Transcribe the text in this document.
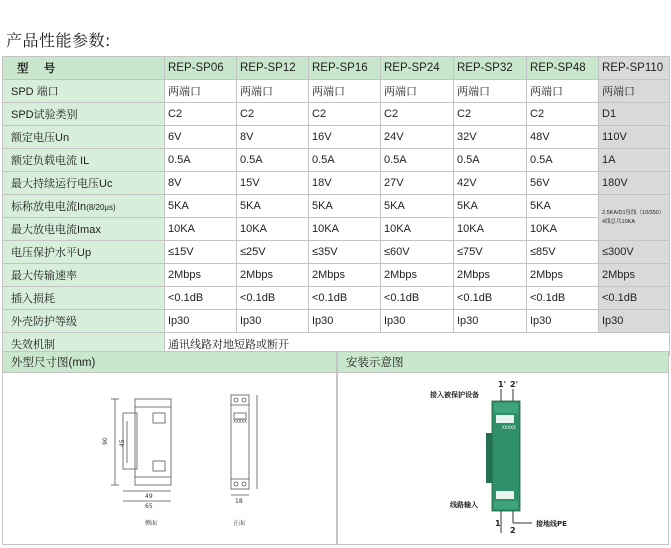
产品性能参数:
型 号	REP-SP06	REP-SP12	REP-SP16	REP-SP24	REP-SP32	REP-SP48	REP-SP110
SPD 端口	两端口	两端口	两端口	两端口	两端口	两端口	两端口
SPD试验类别	C2	C2	C2	C2	C2	C2	D1
额定电压Un	6V	8V	16V	24V	32V	48V	110V
额定负载电流 IL	0.5A	0.5A	0.5A	0.5A	0.5A	0.5A	1A
最大持续运行电压Uc	8V	15V	18V	27V	42V	56V	180V
标称放电电流In(8/20μs)	5KA	5KA	5KA	5KA	5KA	5KA	2.5KA/D1每线（10/350）4线总共10KA
最大放电电流Imax	10KA	10KA	10KA	10KA	10KA	10KA	
电压保护水平Up	≤15V	≤25V	≤35V	≤60V	≤75V	≤85V	≤300V
最大传输速率	2Mbps	2Mbps	2Mbps	2Mbps	2Mbps	2Mbps	2Mbps
插入损耗	<0.1dB	<0.1dB	<0.1dB	<0.1dB	<0.1dB	<0.1dB	<0.1dB
外壳防护等级	Ip30	Ip30	Ip30	Ip30	Ip30	Ip30	Ip30
失效机制	通讯线路对地短路或断开						
外型尺寸图(mm)	安装示意图
90 45
49
65
侧面
XXXXX
18
正面
接入被保护设备
1' 2'
XXXXX
线路输入
1
2
接地线PE
